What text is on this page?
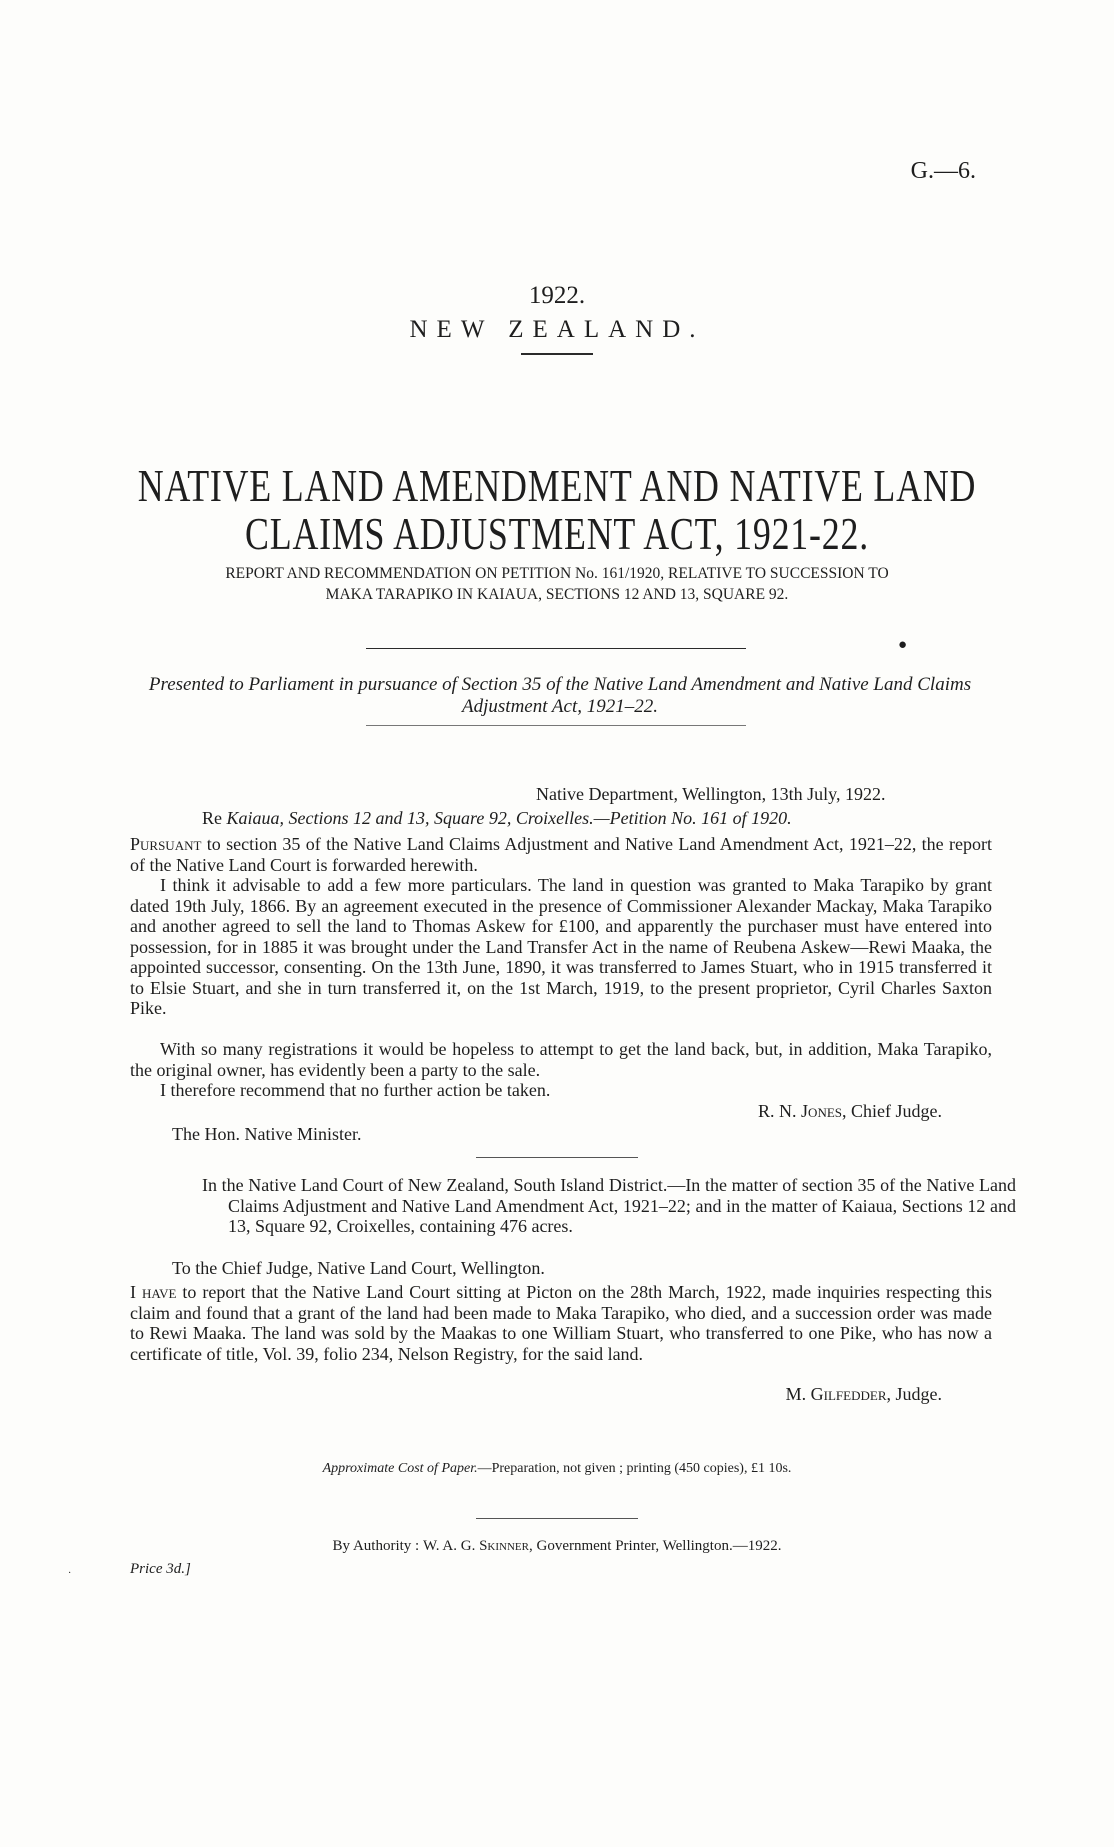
G.—6.
1922.
NEW ZEALAND.
NATIVE LAND AMENDMENT AND NATIVE LAND
CLAIMS ADJUSTMENT ACT, 1921-22.
REPORT AND RECOMMENDATION ON PETITION No. 161/1920, RELATIVE TO SUCCESSION TO
MAKA TARAPIKO IN KAIAUA, SECTIONS 12 AND 13, SQUARE 92.
●
Presented to Parliament in pursuance of Section 35 of the Native Land Amendment and Native Land Claims Adjustment Act, 1921–22.
Native Department, Wellington, 13th July, 1922.
Re Kaiaua, Sections 12 and 13, Square 92, Croixelles.—Petition No. 161 of 1920.
Pursuant to section 35 of the Native Land Claims Adjustment and Native Land Amendment Act, 1921–22, the report of the Native Land Court is forwarded herewith.
I think it advisable to add a few more particulars. The land in question was granted to Maka Tarapiko by grant dated 19th July, 1866. By an agreement executed in the presence of Commissioner Alexander Mackay, Maka Tarapiko and another agreed to sell the land to Thomas Askew for £100, and apparently the purchaser must have entered into possession, for in 1885 it was brought under the Land Transfer Act in the name of Reubena Askew—Rewi Maaka, the appointed successor, consenting. On the 13th June, 1890, it was transferred to James Stuart, who in 1915 transferred it to Elsie Stuart, and she in turn transferred it, on the 1st March, 1919, to the present proprietor, Cyril Charles Saxton Pike.
With so many registrations it would be hopeless to attempt to get the land back, but, in addition, Maka Tarapiko, the original owner, has evidently been a party to the sale.
I therefore recommend that no further action be taken.
R. N. Jones, Chief Judge.
The Hon. Native Minister.
In the Native Land Court of New Zealand, South Island District.—In the matter of section 35 of the Native Land Claims Adjustment and Native Land Amendment Act, 1921–22; and in the matter of Kaiaua, Sections 12 and 13, Square 92, Croixelles, containing 476 acres.
To the Chief Judge, Native Land Court, Wellington.
I have to report that the Native Land Court sitting at Picton on the 28th March, 1922, made inquiries respecting this claim and found that a grant of the land had been made to Maka Tarapiko, who died, and a succession order was made to Rewi Maaka. The land was sold by the Maakas to one William Stuart, who transferred to one Pike, who has now a certificate of title, Vol. 39, folio 234, Nelson Registry, for the said land.
M. Gilfedder, Judge.
Approximate Cost of Paper.—Preparation, not given ; printing (450 copies), £1 10s.
By Authority : W. A. G. Skinner, Government Printer, Wellington.—1922.
·	Price 3d.]
